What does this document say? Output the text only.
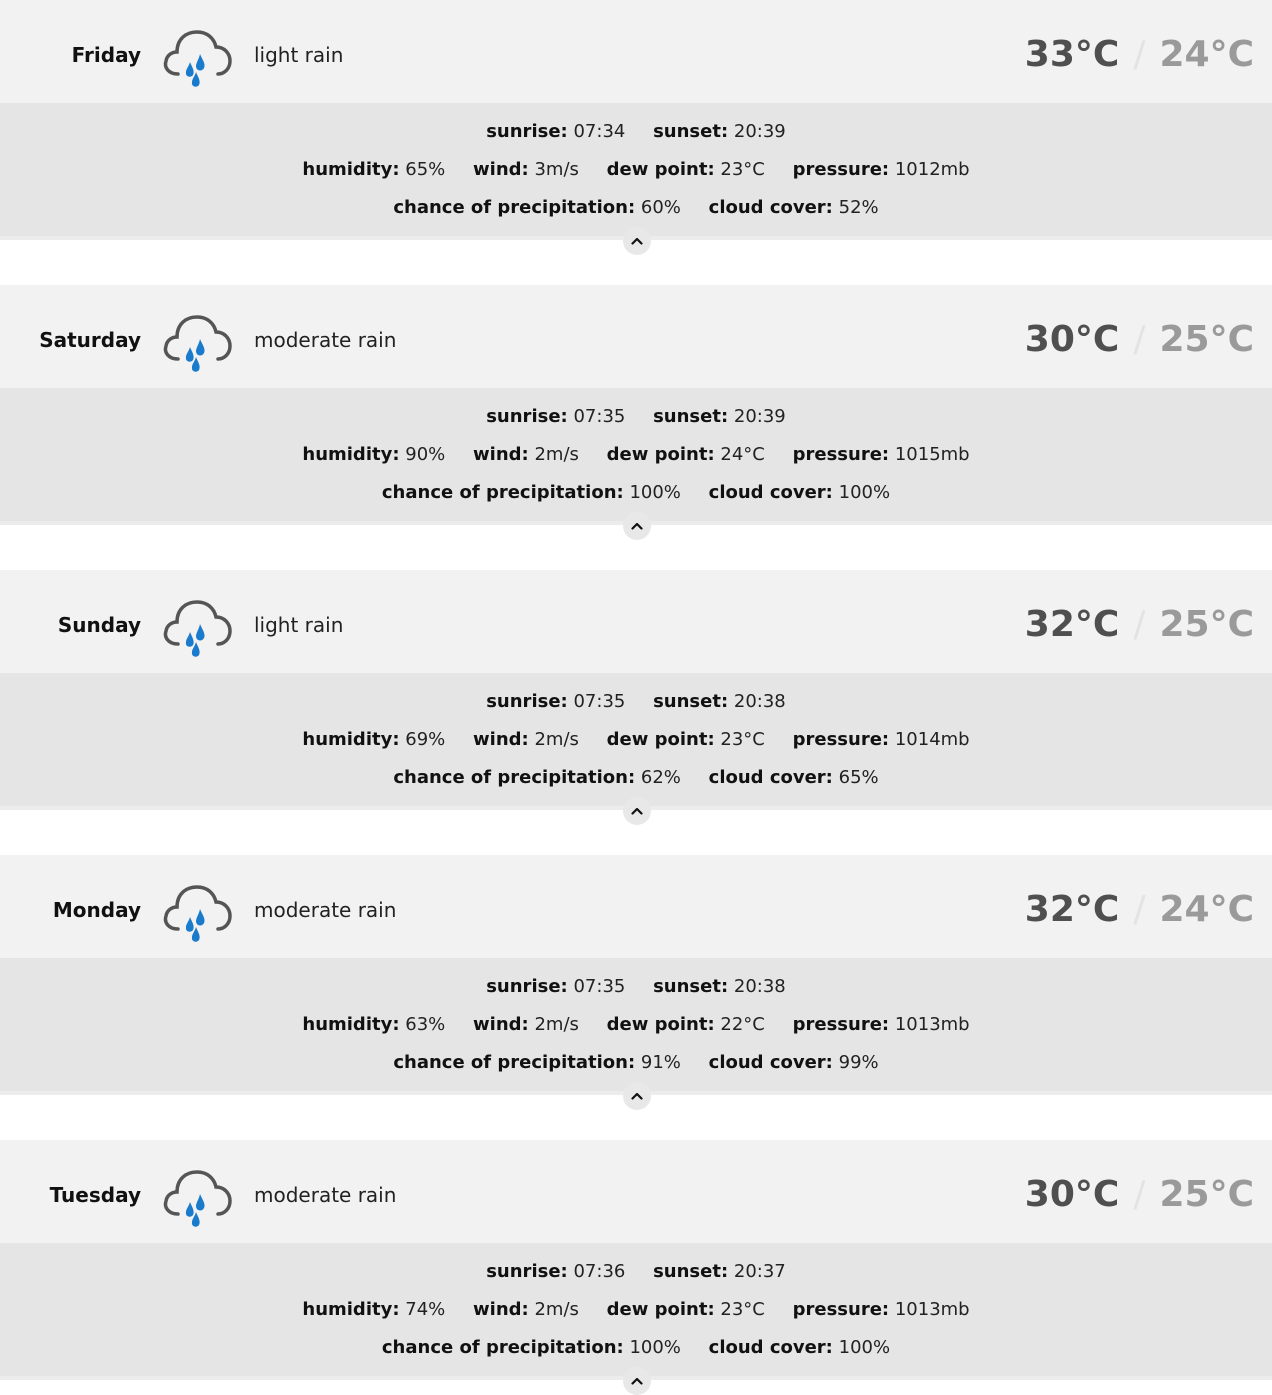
Friday	light rain	33°C / 24°C
sunrise: 07:34 sunset: 20:39
humidity: 65% wind: 3m/s dew point: 23°C pressure: 1012mb
chance of precipitation: 60% cloud cover: 52%
Saturday	moderate rain	30°C / 25°C
sunrise: 07:35 sunset: 20:39
humidity: 90% wind: 2m/s dew point: 24°C pressure: 1015mb
chance of precipitation: 100% cloud cover: 100%
Sunday	light rain	32°C / 25°C
sunrise: 07:35 sunset: 20:38
humidity: 69% wind: 2m/s dew point: 23°C pressure: 1014mb
chance of precipitation: 62% cloud cover: 65%
Monday	moderate rain	32°C / 24°C
sunrise: 07:35 sunset: 20:38
humidity: 63% wind: 2m/s dew point: 22°C pressure: 1013mb
chance of precipitation: 91% cloud cover: 99%
Tuesday	moderate rain	30°C / 25°C
sunrise: 07:36 sunset: 20:37
humidity: 74% wind: 2m/s dew point: 23°C pressure: 1013mb
chance of precipitation: 100% cloud cover: 100%
